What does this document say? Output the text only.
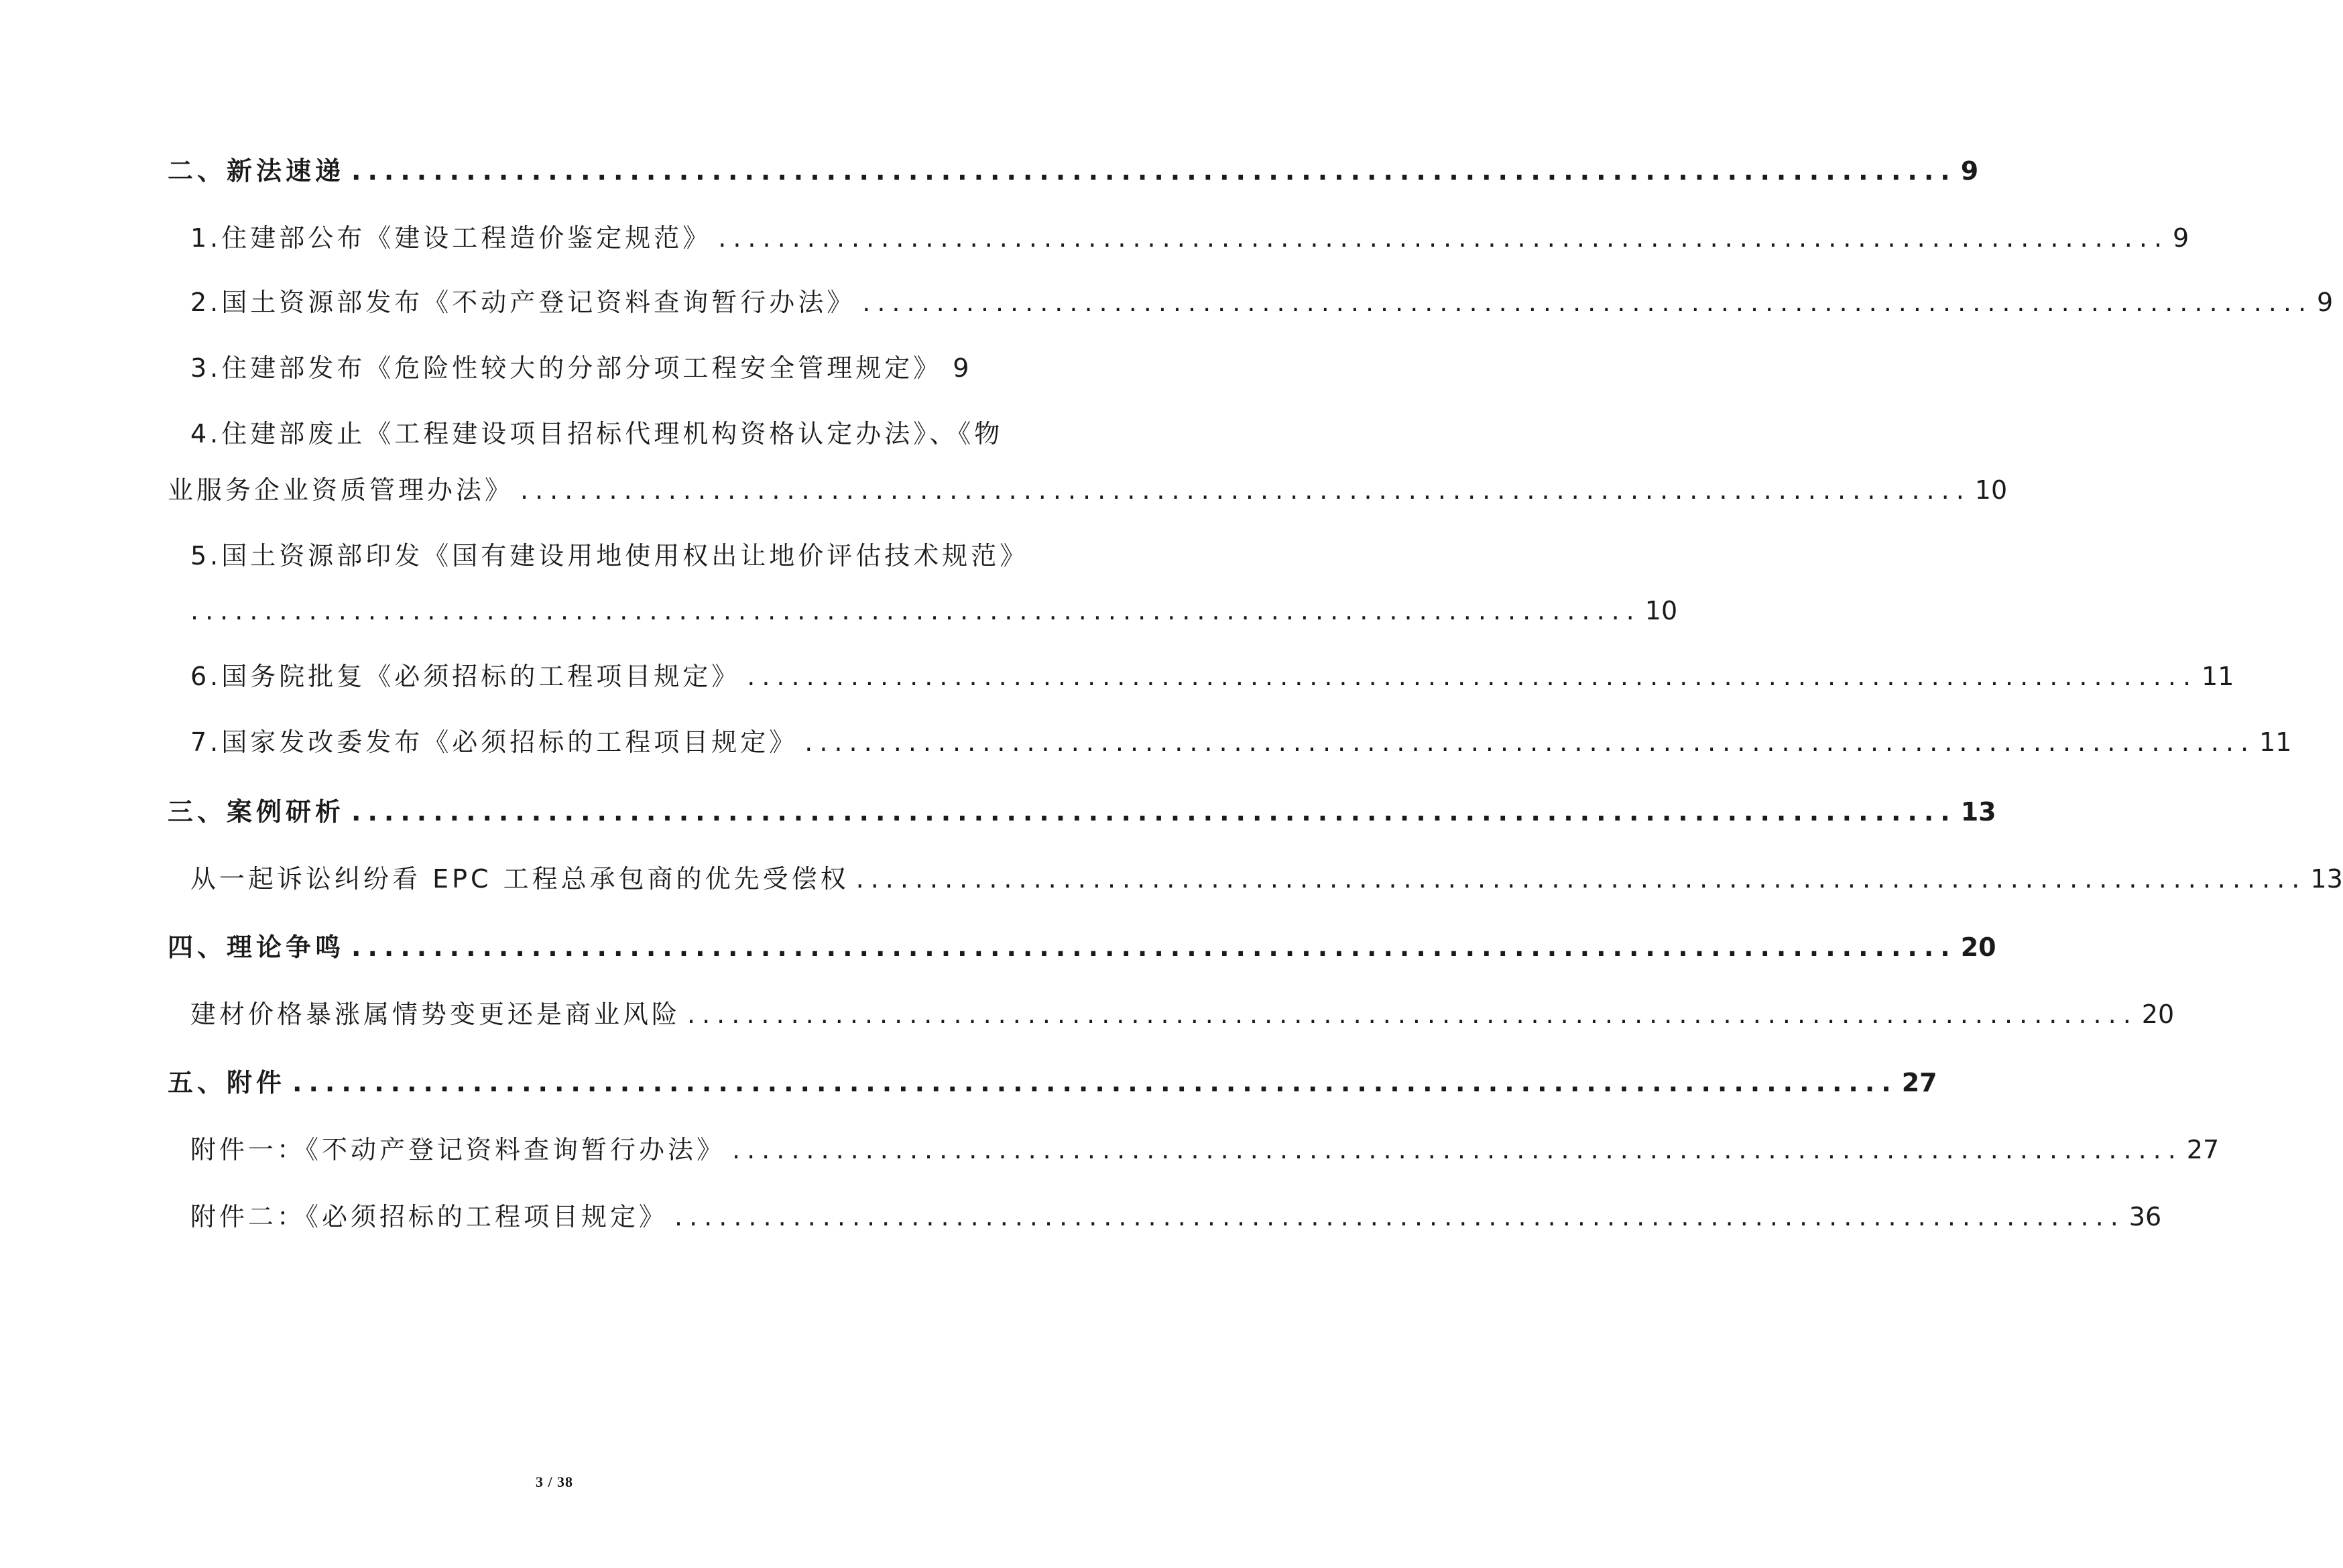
二、新法速递 .................................................................................................. 9
1.住建部公布《建设工程造价鉴定规范》 .................................................................................................. 9
2.国土资源部发布《不动产登记资料查询暂行办法》 .................................................................................................. 9
3.住建部发布《危险性较大的分部分项工程安全管理规定》 9
4.住建部废止《工程建设项目招标代理机构资格认定办法》、《物
业服务企业资质管理办法》 .................................................................................................. 10
5.国土资源部印发《国有建设用地使用权出让地价评估技术规范》
.................................................................................................. 10
6.国务院批复《必须招标的工程项目规定》 .................................................................................................. 11
7.国家发改委发布《必须招标的工程项目规定》 .................................................................................................. 11
三、案例研析 .................................................................................................. 13
从一起诉讼纠纷看 EPC 工程总承包商的优先受偿权 .................................................................................................. 13
四、理论争鸣 .................................................................................................. 20
建材价格暴涨属情势变更还是商业风险 .................................................................................................. 20
五、附件 .................................................................................................. 27
附件一：《不动产登记资料查询暂行办法》 .................................................................................................. 27
附件二：《必须招标的工程项目规定》 .................................................................................................. 36
3 / 38
